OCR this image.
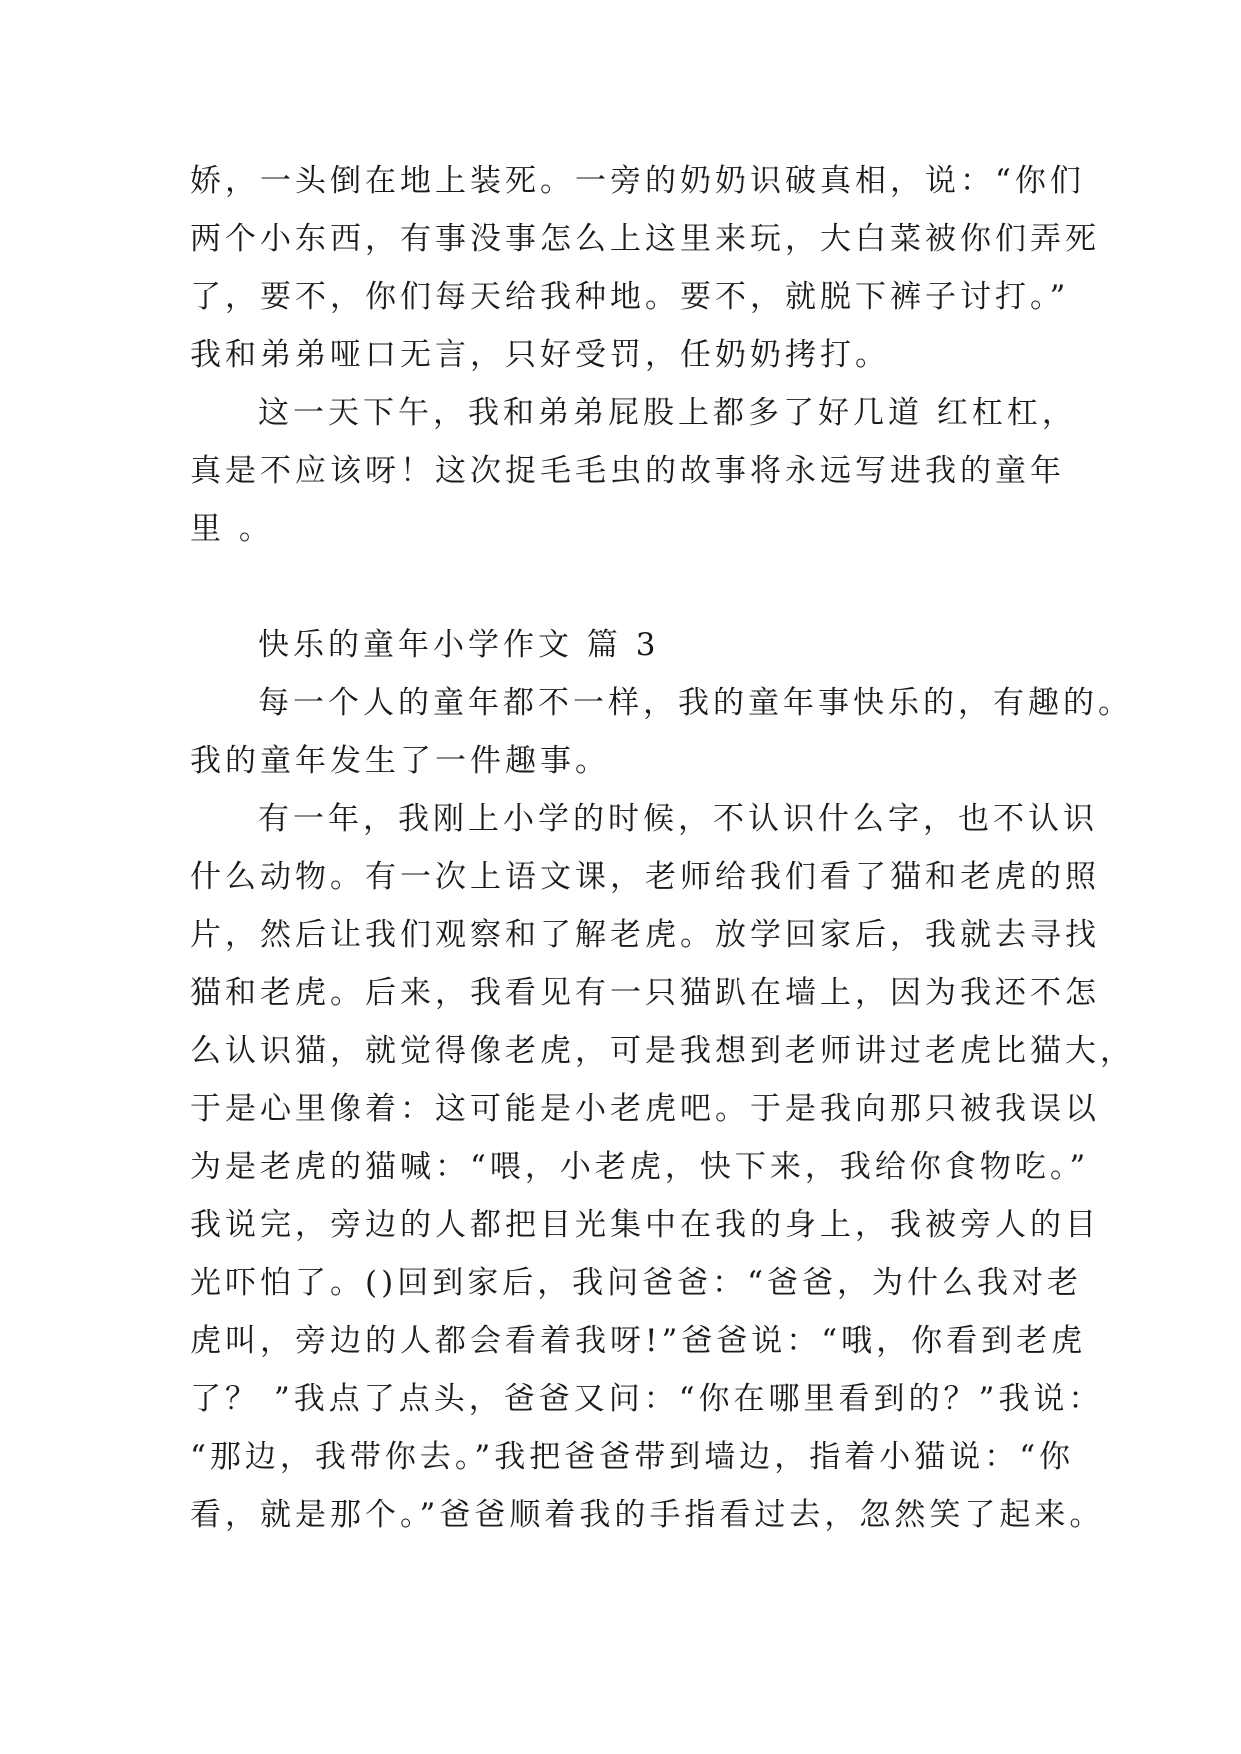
娇，一头倒在地上装死。一旁的奶奶识破真相，说：“你们
两个小东西，有事没事怎么上这里来玩，大白菜被你们弄死
了，要不，你们每天给我种地。要不，就脱下裤子讨打。”
我和弟弟哑口无言，只好受罚，任奶奶拷打。
这一天下午，我和弟弟屁股上都多了好几道 红杠杠，
真是不应该呀！这次捉毛毛虫的故事将永远写进我的童年
里 。
快乐的童年小学作文 篇 3
每一个人的童年都不一样，我的童年事快乐的，有趣的。
我的童年发生了一件趣事。
有一年，我刚上小学的时候，不认识什么字，也不认识
什么动物。有一次上语文课，老师给我们看了猫和老虎的照
片，然后让我们观察和了解老虎。放学回家后，我就去寻找
猫和老虎。后来，我看见有一只猫趴在墙上，因为我还不怎
么认识猫，就觉得像老虎，可是我想到老师讲过老虎比猫大，
于是心里像着：这可能是小老虎吧。于是我向那只被我误以
为是老虎的猫喊：“喂，小老虎，快下来，我给你食物吃。”
我说完，旁边的人都把目光集中在我的身上，我被旁人的目
光吓怕了。()回到家后，我问爸爸：“爸爸，为什么我对老
虎叫，旁边的人都会看着我呀!”爸爸说：“哦，你看到老虎
了？ ”我点了点头，爸爸又问：“你在哪里看到的？”我说：
“那边，我带你去。”我把爸爸带到墙边，指着小猫说：“你
看，就是那个。”爸爸顺着我的手指看过去，忽然笑了起来。
